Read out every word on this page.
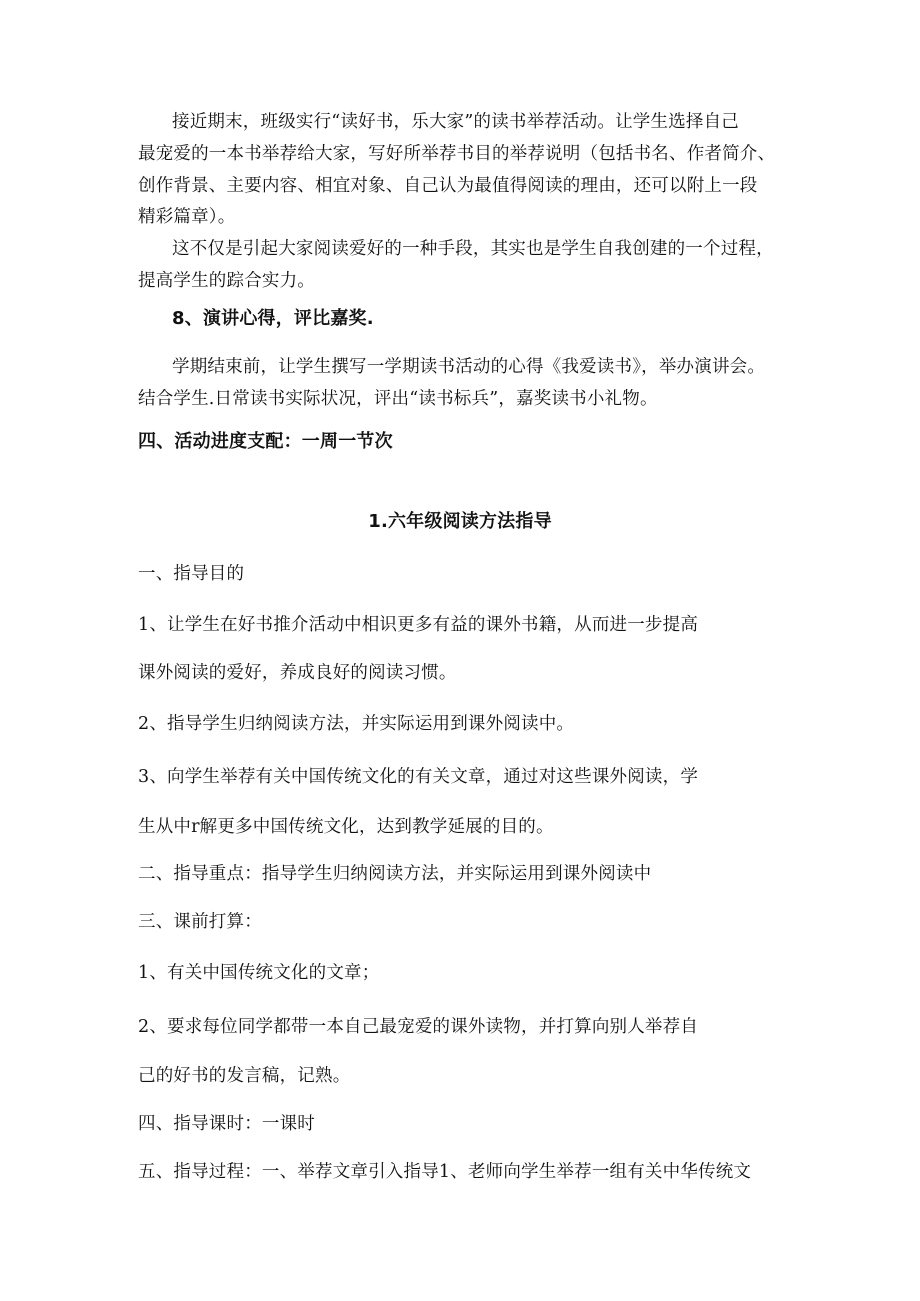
接近期末，班级实行“读好书，乐大家”的读书举荐活动。让学生选择自己
最宠爱的一本书举荐给大家，写好所举荐书目的举荐说明（包括书名、作者简介、
创作背景、主要内容、相宜对象、自己认为最值得阅读的理由，还可以附上一段
精彩篇章）。
这不仅是引起大家阅读爱好的一种手段，其实也是学生自我创建的一个过程，
提高学生的踪合实力。
8、演讲心得，评比嘉奖.
学期结束前，让学生撰写一学期读书活动的心得《我爱读书》，举办演讲会。
结合学生.日常读书实际状况，评出“读书标兵”，嘉奖读书小礼物。
四、活动进度支配：一周一节次
1.六年级阅读方法指导
一、指导目的
1、让学生在好书推介活动中相识更多有益的课外书籍，从而进一步提高
课外阅读的爱好，养成良好的阅读习惯。
2、指导学生归纳阅读方法，并实际运用到课外阅读中。
3、向学生举荐有关中国传统文化的有关文章，通过对这些课外阅读，学
生从中r解更多中国传统文化，达到教学延展的目的。
二、指导重点：指导学生归纳阅读方法，并实际运用到课外阅读中
三、课前打算：
1、有关中国传统文化的文章；
2、要求每位同学都带一本自己最宠爱的课外读物，并打算向别人举荐自
己的好书的发言稿，记熟。
四、指导课时：一课时
五、指导过程：一、举荐文章引入指导1、老师向学生举荐一组有关中华传统文
